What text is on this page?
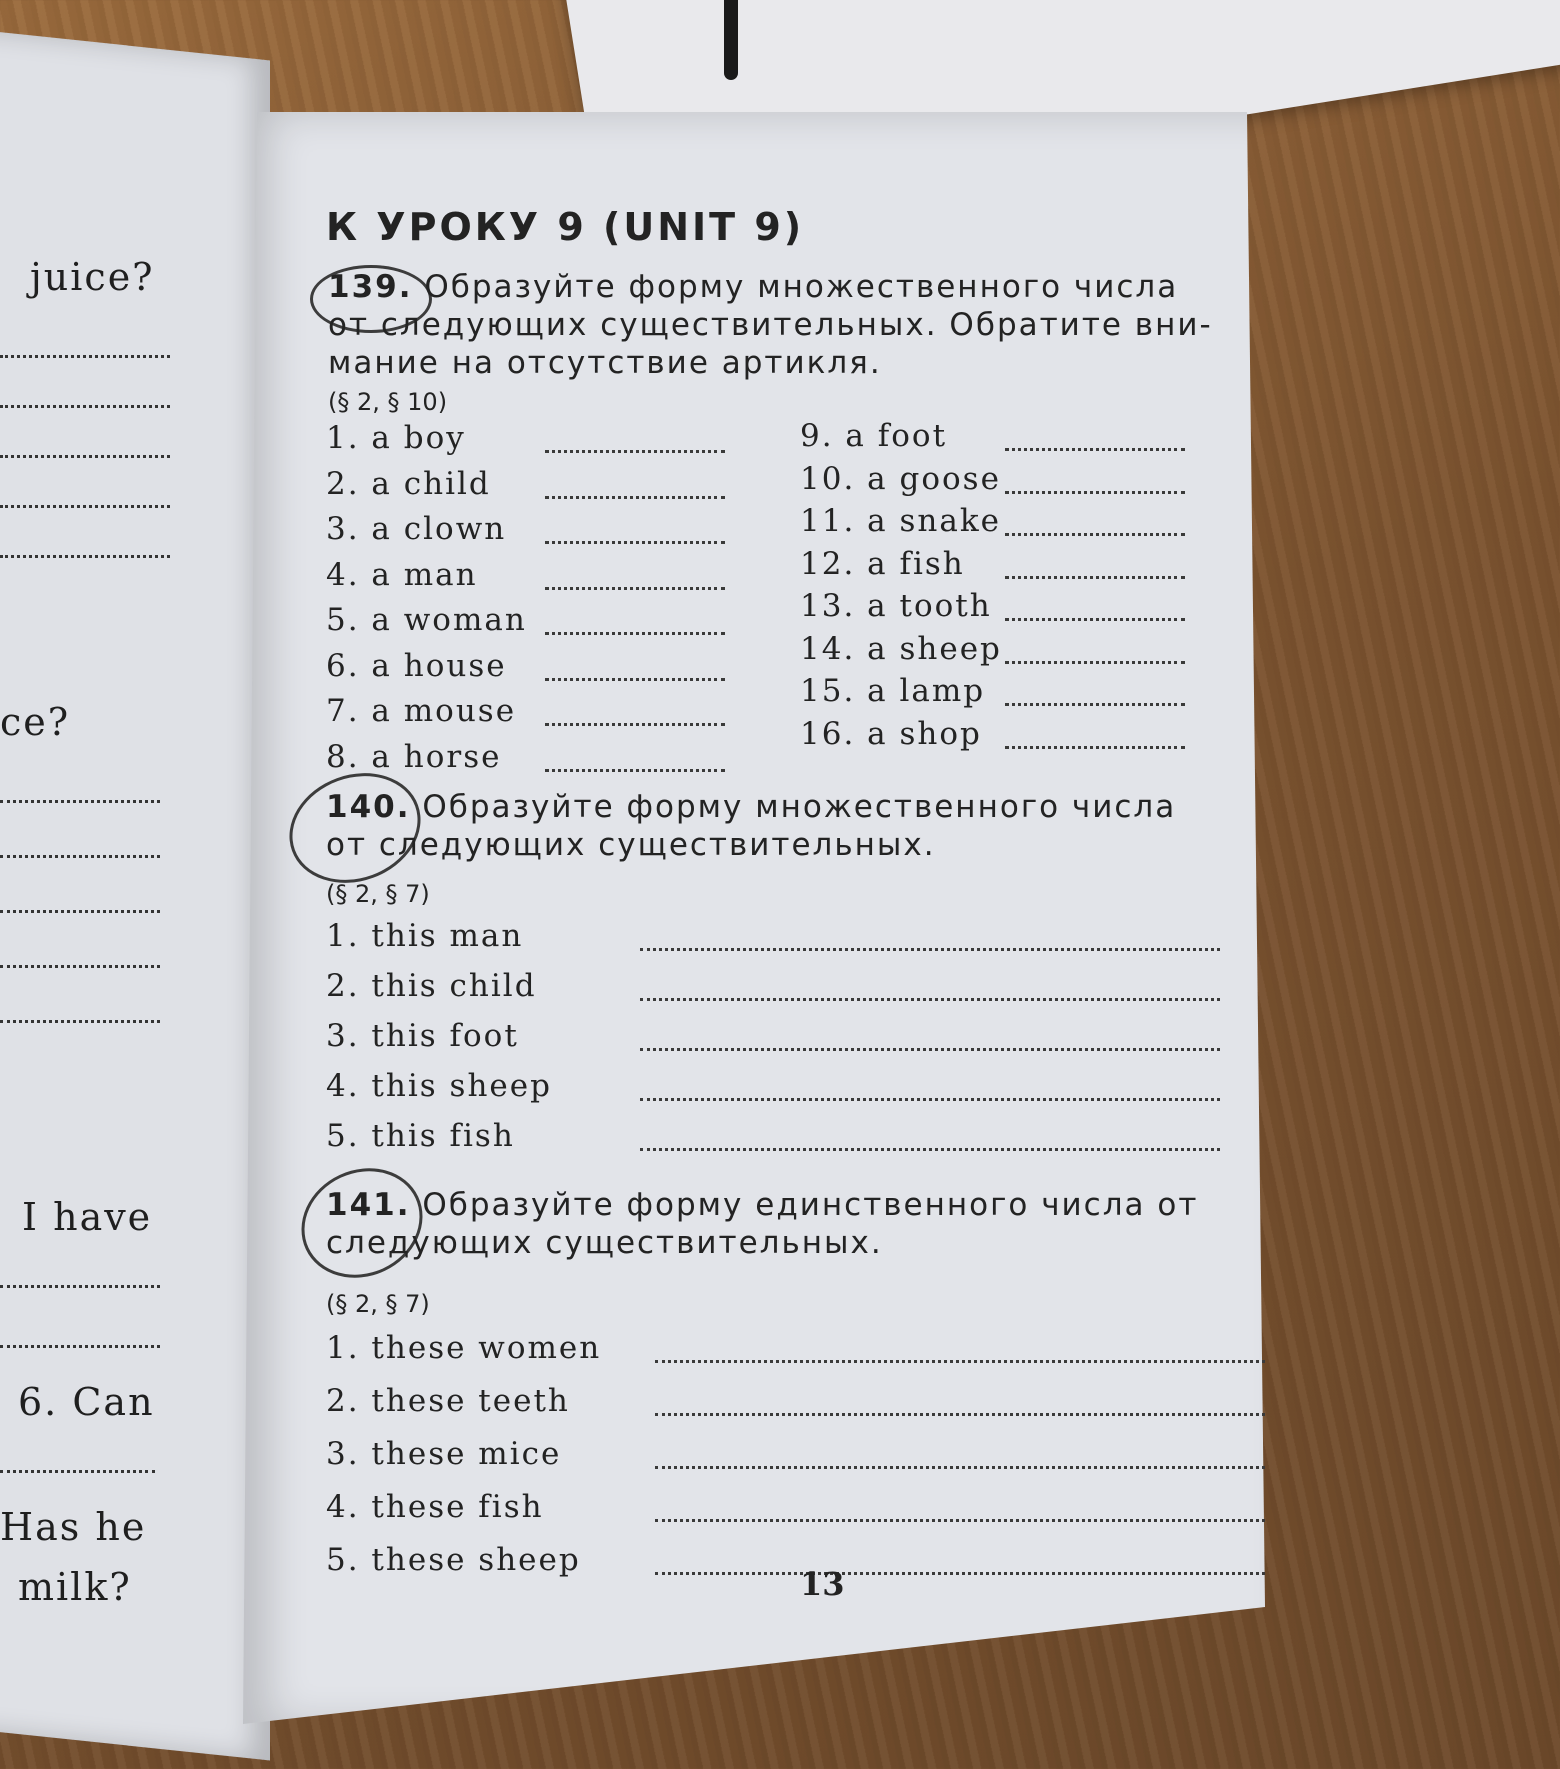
juice?
ce?
I have
6. Can
Has he
milk?
К УРОКУ 9 (UNIT 9)
139. Образуйте форму множественного числа
от следующих существительных. Обратите вни-
мание на отсутствие артикля.
(§ 2, § 10)
1. a boy
2. a child
3. a clown
4. a man
5. a woman
6. a house
7. a mouse
8. a horse
9. a foot
10. a goose
11. a snake
12. a fish
13. a tooth
14. a sheep
15. a lamp
16. a shop
140. Образуйте форму множественного числа
от следующих существительных.
(§ 2, § 7)
1. this man
2. this child
3. this foot
4. this sheep
5. this fish
141. Образуйте форму единственного числа от
следующих существительных.
(§ 2, § 7)
1. these women
2. these teeth
3. these mice
4. these fish
5. these sheep
13
